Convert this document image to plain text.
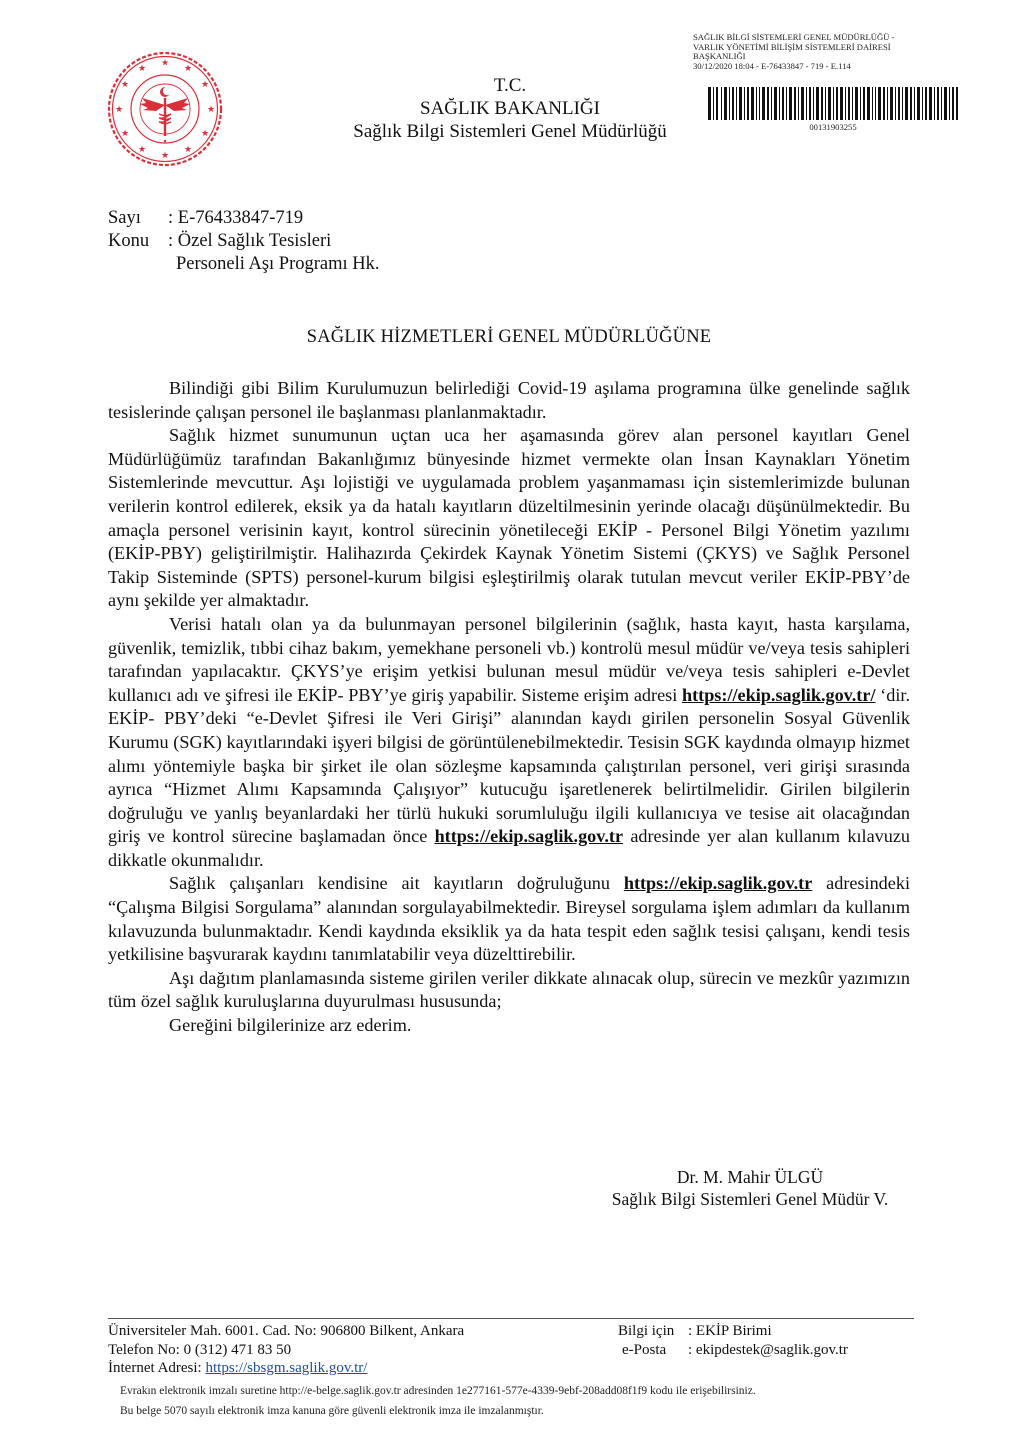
★
★	★
★	★
★	★
★	★
★	★
★
T.C.
SAĞLIK BAKANLIĞI
Sağlık Bilgi Sistemleri Genel Müdürlüğü
SAĞLIK BİLGİ SİSTEMLERİ GENEL MÜDÜRLÜĞÜ -
VARLIK YÖNETİMİ BİLİŞİM SİSTEMLERİ DAİRESİ
BAŞKANLIĞI
30/12/2020 18:04 - E-76433847 - 719 - E.114
00131903255
Sayı : E-76433847-719
Konu : Özel Sağlık Tesisleri
Personeli Aşı Programı Hk.
SAĞLIK HİZMETLERİ GENEL MÜDÜRLÜĞÜNE

Bilindiği gibi Bilim Kurulumuzun belirlediği Covid-19 aşılama programına ülke genelinde sağlık tesislerinde çalışan personel ile başlanması planlanmaktadır.

Sağlık hizmet sunumunun uçtan uca her aşamasında görev alan personel kayıtları Genel Müdürlüğümüz tarafından Bakanlığımız bünyesinde hizmet vermekte olan İnsan Kaynakları Yönetim Sistemlerinde mevcuttur. Aşı lojistiği ve uygulamada problem yaşanmaması için sistemlerimizde bulunan verilerin kontrol edilerek, eksik ya da hatalı kayıtların düzeltilmesinin yerinde olacağı düşünülmektedir. Bu amaçla personel verisinin kayıt, kontrol sürecinin yönetileceği EKİP - Personel Bilgi Yönetim yazılımı (EKİP-PBY) geliştirilmiştir. Halihazırda Çekirdek Kaynak Yönetim Sistemi (ÇKYS) ve Sağlık Personel Takip Sisteminde (SPTS) personel-kurum bilgisi eşleştirilmiş olarak tutulan mevcut veriler EKİP-PBY’de aynı şekilde yer almaktadır.

Verisi hatalı olan ya da bulunmayan personel bilgilerinin (sağlık, hasta kayıt, hasta karşılama, güvenlik, temizlik, tıbbi cihaz bakım, yemekhane personeli vb.) kontrolü mesul müdür ve/veya tesis sahipleri tarafından yapılacaktır. ÇKYS’ye erişim yetkisi bulunan mesul müdür ve/veya tesis sahipleri e-Devlet kullanıcı adı ve şifresi ile EKİP- PBY’ye giriş yapabilir. Sisteme erişim adresi https://ekip.saglik.gov.tr/ ‘dir. EKİP- PBY’deki “e-Devlet Şifresi ile Veri Girişi” alanından kaydı girilen personelin Sosyal Güvenlik Kurumu (SGK) kayıtlarındaki işyeri bilgisi de görüntülenebilmektedir. Tesisin SGK kaydında olmayıp hizmet alımı yöntemiyle başka bir şirket ile olan sözleşme kapsamında çalıştırılan personel, veri girişi sırasında ayrıca “Hizmet Alımı Kapsamında Çalışıyor” kutucuğu işaretlenerek belirtilmelidir. Girilen bilgilerin doğruluğu ve yanlış beyanlardaki her türlü hukuki sorumluluğu ilgili kullanıcıya ve tesise ait olacağından giriş ve kontrol sürecine başlamadan önce https://ekip.saglik.gov.tr adresinde yer alan kullanım kılavuzu dikkatle okunmalıdır.

Sağlık çalışanları kendisine ait kayıtların doğruluğunu https://ekip.saglik.gov.tr adresindeki “Çalışma Bilgisi Sorgulama” alanından sorgulayabilmektedir. Bireysel sorgulama işlem adımları da kullanım kılavuzunda bulunmaktadır. Kendi kaydında eksiklik ya da hata tespit eden sağlık tesisi çalışanı, kendi tesis yetkilisine başvurarak kaydını tanımlatabilir veya düzelttirebilir.

Aşı dağıtım planlamasında sisteme girilen veriler dikkate alınacak olup, sürecin ve mezkûr yazımızın tüm özel sağlık kuruluşlarına duyurulması hususunda;

Gereğini bilgilerinize arz ederim.

Dr. M. Mahir ÜLGÜ
Sağlık Bilgi Sistemleri Genel Müdür V.
Üniversiteler Mah. 6001. Cad. No: 906800 Bilkent, Ankara
Telefon No: 0 (312) 471 83 50
İnternet Adresi: https://sbsgm.saglik.gov.tr/
Bilgi için : EKİP Birimi
e-Posta : ekipdestek@saglik.gov.tr
Evrakın elektronik imzalı suretine http://e-belge.saglik.gov.tr adresinden 1e277161-577e-4339-9ebf-208add08f1f9 kodu ile erişebilirsiniz.
Bu belge 5070 sayılı elektronik imza kanuna göre güvenli elektronik imza ile imzalanmıştır.
